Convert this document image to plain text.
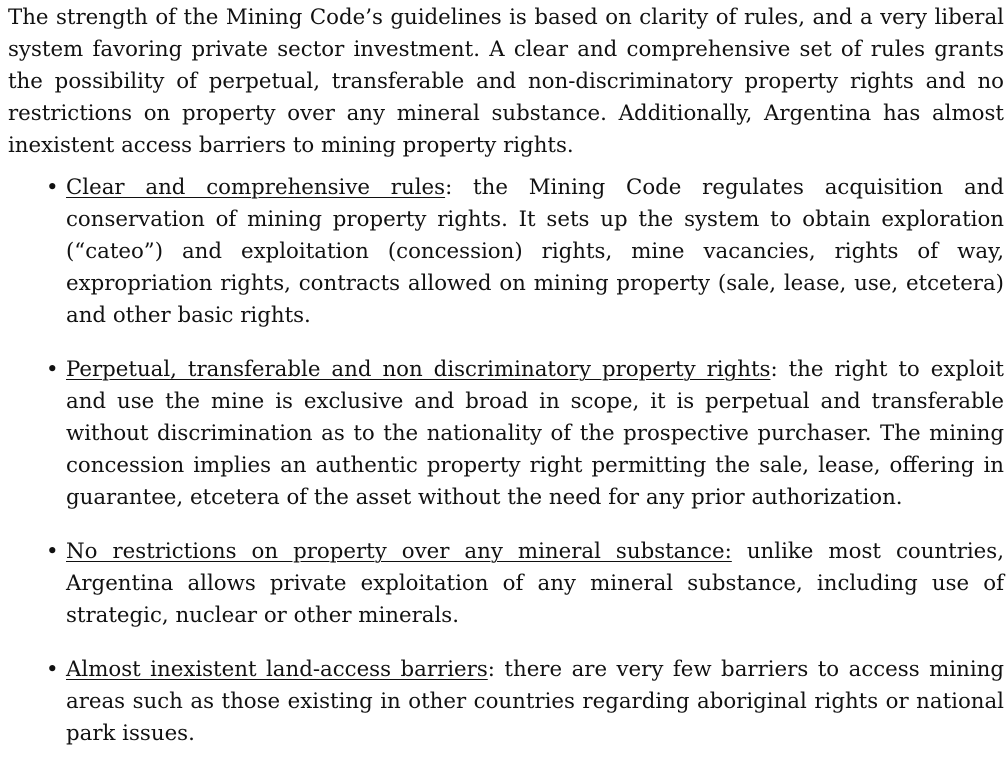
The strength of the Mining Code’s guidelines is based on clarity of rules, and a very liberal system favoring private sector investment. A clear and comprehensive set of rules grants the possibility of perpetual, transferable and non-discriminatory property rights and no restrictions on property over any mineral substance. Additionally, Argentina has almost inexistent access barriers to mining property rights.

• Clear and comprehensive rules: the Mining Code regulates acquisition and conservation of mining property rights. It sets up the system to obtain exploration (“cateo”) and exploitation (concession) rights, mine vacancies, rights of way, expropriation rights, contracts allowed on mining property (sale, lease, use, etcetera) and other basic rights.
• Perpetual, transferable and non discriminatory property rights: the right to exploit and use the mine is exclusive and broad in scope, it is perpetual and transferable without discrimination as to the nationality of the prospective purchaser. The mining concession implies an authentic property right permitting the sale, lease, offering in guarantee, etcetera of the asset without the need for any prior authorization.
• No restrictions on property over any mineral substance: unlike most countries, Argentina allows private exploitation of any mineral substance, including use of strategic, nuclear or other minerals.
• Almost inexistent land-access barriers: there are very few barriers to access mining areas such as those existing in other countries regarding aboriginal rights or national park issues.
